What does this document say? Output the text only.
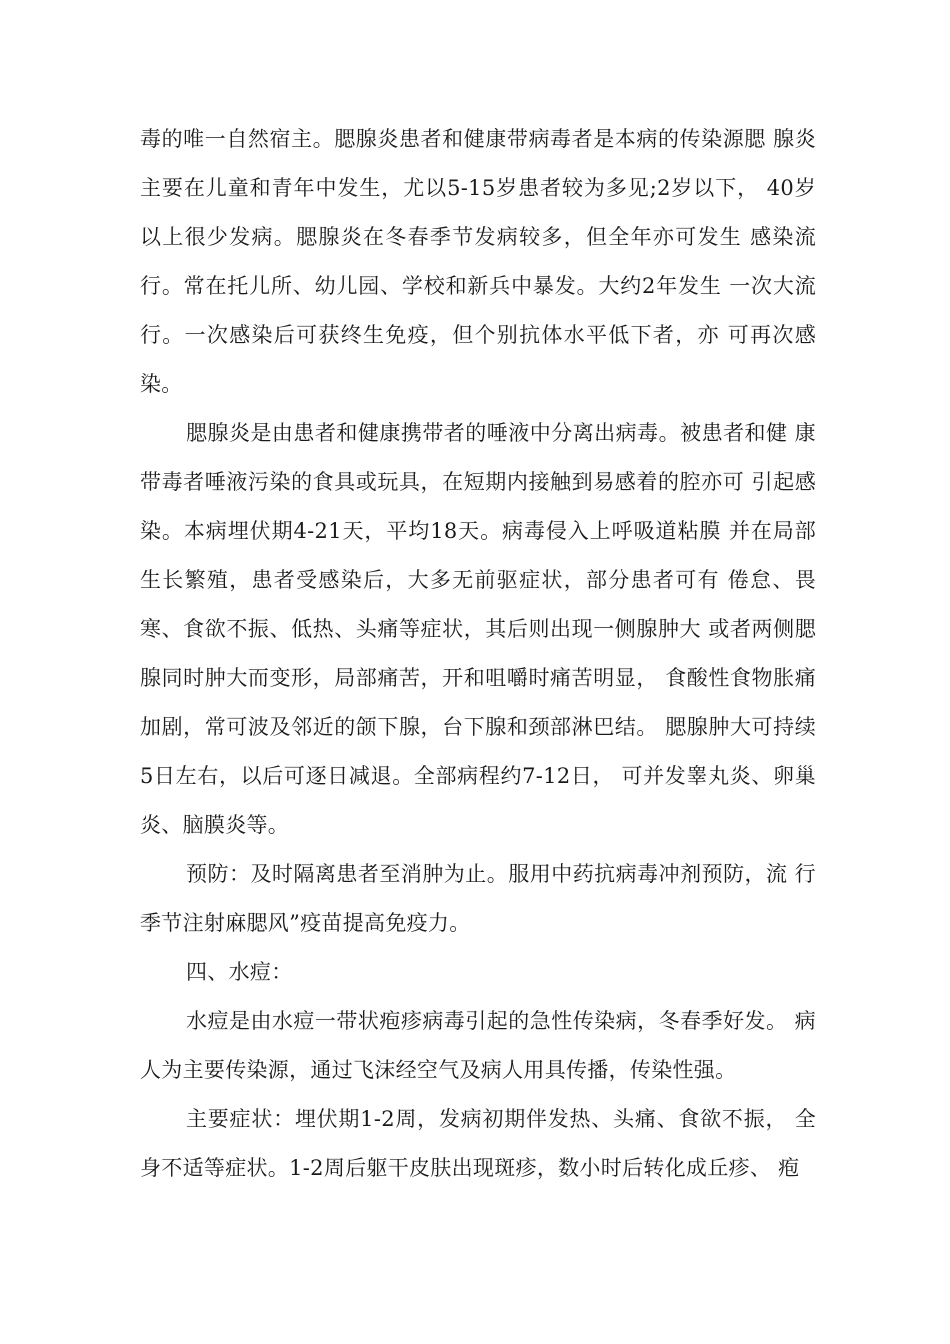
毒的唯一自然宿主。腮腺炎患者和健康带病毒者是本病的传染源腮 腺炎主要在儿童和青年中发生，尤以5-15岁患者较为多见;2岁以下， 40岁以上很少发病。腮腺炎在冬春季节发病较多，但全年亦可发生 感染流行。常在托儿所、幼儿园、学校和新兵中暴发。大约2年发生 一次大流行。一次感染后可获终生免疫，但个别抗体水平低下者，亦 可再次感染。

腮腺炎是由患者和健康携带者的唾液中分离出病毒。被患者和健 康带毒者唾液污染的食具或玩具，在短期内接触到易感着的腔亦可 引起感染。本病埋伏期4-21天，平均18天。病毒侵入上呼吸道粘膜 并在局部生长繁殖，患者受感染后，大多无前驱症状，部分患者可有 倦怠、畏寒、食欲不振、低热、头痛等症状，其后则出现一侧腺肿大 或者两侧腮腺同时肿大而变形，局部痛苦，开和咀嚼时痛苦明显， 食酸性食物胀痛加剧，常可波及邻近的颌下腺，台下腺和颈部淋巴结。 腮腺肿大可持续5日左右，以后可逐日减退。全部病程约7-12日， 可并发睾丸炎、卵巢炎、脑膜炎等。

预防：及时隔离患者至消肿为止。服用中药抗病毒冲剂预防，流 行季节注射麻腮风”疫苗提高免疫力。

四、水痘：

水痘是由水痘一带状疱疹病毒引起的急性传染病，冬春季好发。 病人为主要传染源，通过飞沫经空气及病人用具传播，传染性强。

主要症状：埋伏期1-2周，发病初期伴发热、头痛、食欲不振， 全身不适等症状。1-2周后躯干皮肤出现斑疹，数小时后转化成丘疹、 疱
